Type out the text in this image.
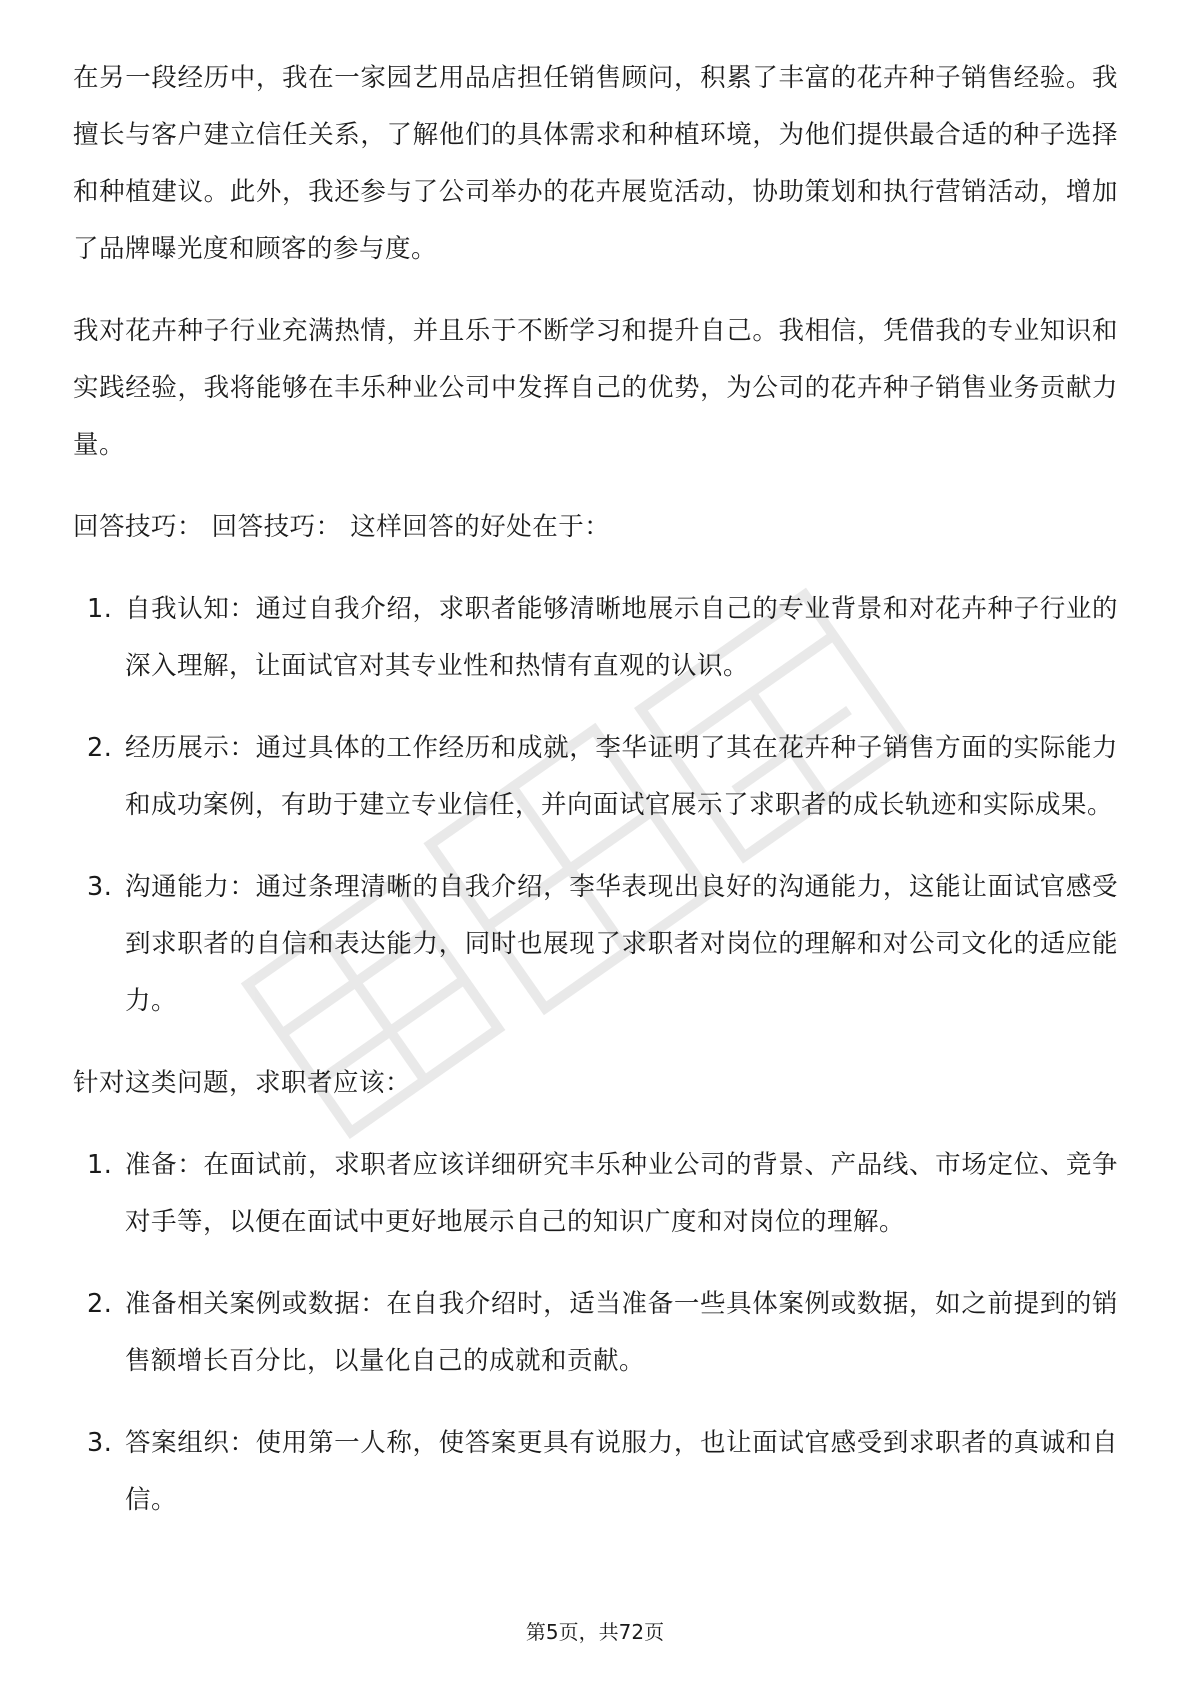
在另一段经历中，我在一家园艺用品店担任销售顾问，积累了丰富的花卉种子销售经验。我擅长与客户建立信任关系，了解他们的具体需求和种植环境，为他们提供最合适的种子选择和种植建议。此外，我还参与了公司举办的花卉展览活动，协助策划和执行营销活动，增加了品牌曝光度和顾客的参与度。

我对花卉种子行业充满热情，并且乐于不断学习和提升自己。我相信，凭借我的专业知识和实践经验，我将能够在丰乐种业公司中发挥自己的优势，为公司的花卉种子销售业务贡献力量。

回答技巧： 回答技巧： 这样回答的好处在于：

1. 自我认知：通过自我介绍，求职者能够清晰地展示自己的专业背景和对花卉种子行业的深入理解，让面试官对其专业性和热情有直观的认识。
2. 经历展示：通过具体的工作经历和成就，李华证明了其在花卉种子销售方面的实际能力和成功案例，有助于建立专业信任，并向面试官展示了求职者的成长轨迹和实际成果。
3. 沟通能力：通过条理清晰的自我介绍，李华表现出良好的沟通能力，这能让面试官感受到求职者的自信和表达能力，同时也展现了求职者对岗位的理解和对公司文化的适应能力。

针对这类问题，求职者应该：

1. 准备：在面试前，求职者应该详细研究丰乐种业公司的背景、产品线、市场定位、竞争对手等，以便在面试中更好地展示自己的知识广度和对岗位的理解。
2. 准备相关案例或数据：在自我介绍时，适当准备一些具体案例或数据，如之前提到的销售额增长百分比，以量化自己的成就和贡献。
3. 答案组织：使用第一人称，使答案更具有说服力，也让面试官感受到求职者的真诚和自信。
第5页，共72页
